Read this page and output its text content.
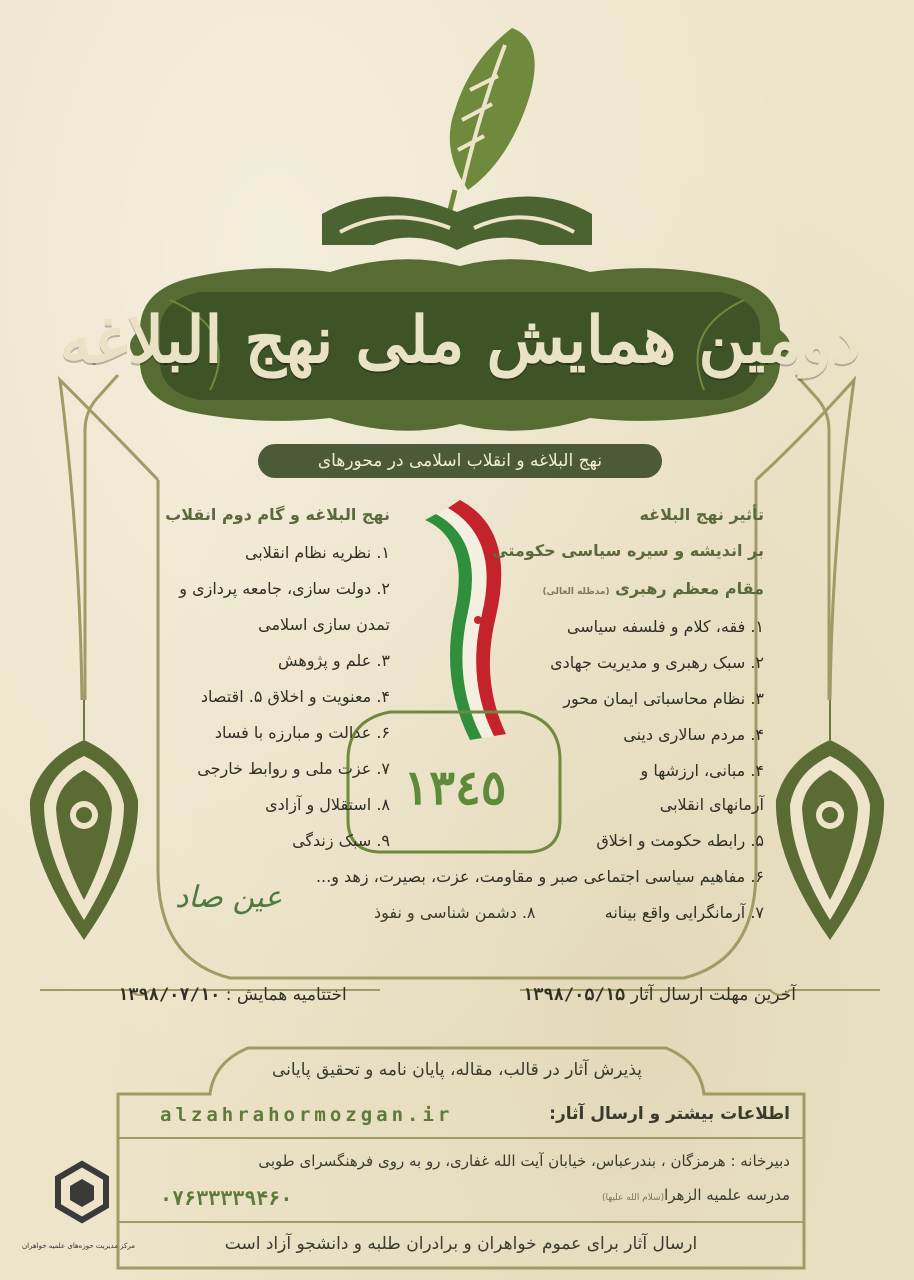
دومین همایش ملی نهج البلاغه
نهج البلاغه و انقلاب اسلامی در محورهای
١٣٤٥
تأثیر نهج البلاغه
بر اندیشه و سیره سیاسی حکومتی
مقام معظم رهبری (مدظله العالی)
۱. فقه، کلام و فلسفه سیاسی
۲. سبک رهبری و مدیریت جهادی
۳. نظام محاسباتی ایمان محور
۴. مردم سالاری دینی
۴. مبانی، ارزشها و
آرمانهای انقلابی
۵. رابطه حکومت و اخلاق
۶. مفاهیم سیاسی اجتماعی صبر و مقاومت، عزت، بصیرت، زهد و...
۷. آرمانگرایی واقع بینانه
۸. دشمن شناسی و نفوذ
نهج البلاغه و گام دوم انقلاب
۱. نظریه نظام انقلابی
۲. دولت سازی، جامعه پردازی و
تمدن سازی اسلامی
۳. علم و پژوهش
۴. معنویت و اخلاق ۵. اقتصاد
۶. عدالت و مبارزه با فساد
۷. عزت ملی و روابط خارجی
۸. استقلال و آزادی
۹. سبک زندگی
عین صاد
آخرین مهلت ارسال آثار ۱۳۹۸/۰۵/۱۵
اختتامیه همایش : ۱۳۹۸/۰۷/۱۰
پذیرش آثار در قالب، مقاله، پایان نامه و تحقیق پایانی
اطلاعات بیشتر و ارسال آثار:
alzahrahormozgan.ir
دبیرخانه : هرمزگان ، بندرعباس، خیابان آیت الله غفاری، رو به روی فرهنگسرای طوبی
مدرسه علمیه الزهرا(سلام الله علیها)
۰۷۶۳۳۳۳۹۴۶۰
ارسال آثار برای عموم خواهران و برادران طلبه و دانشجو آزاد است
مرکز مدیریت حوزه‌های علمیه خواهران
